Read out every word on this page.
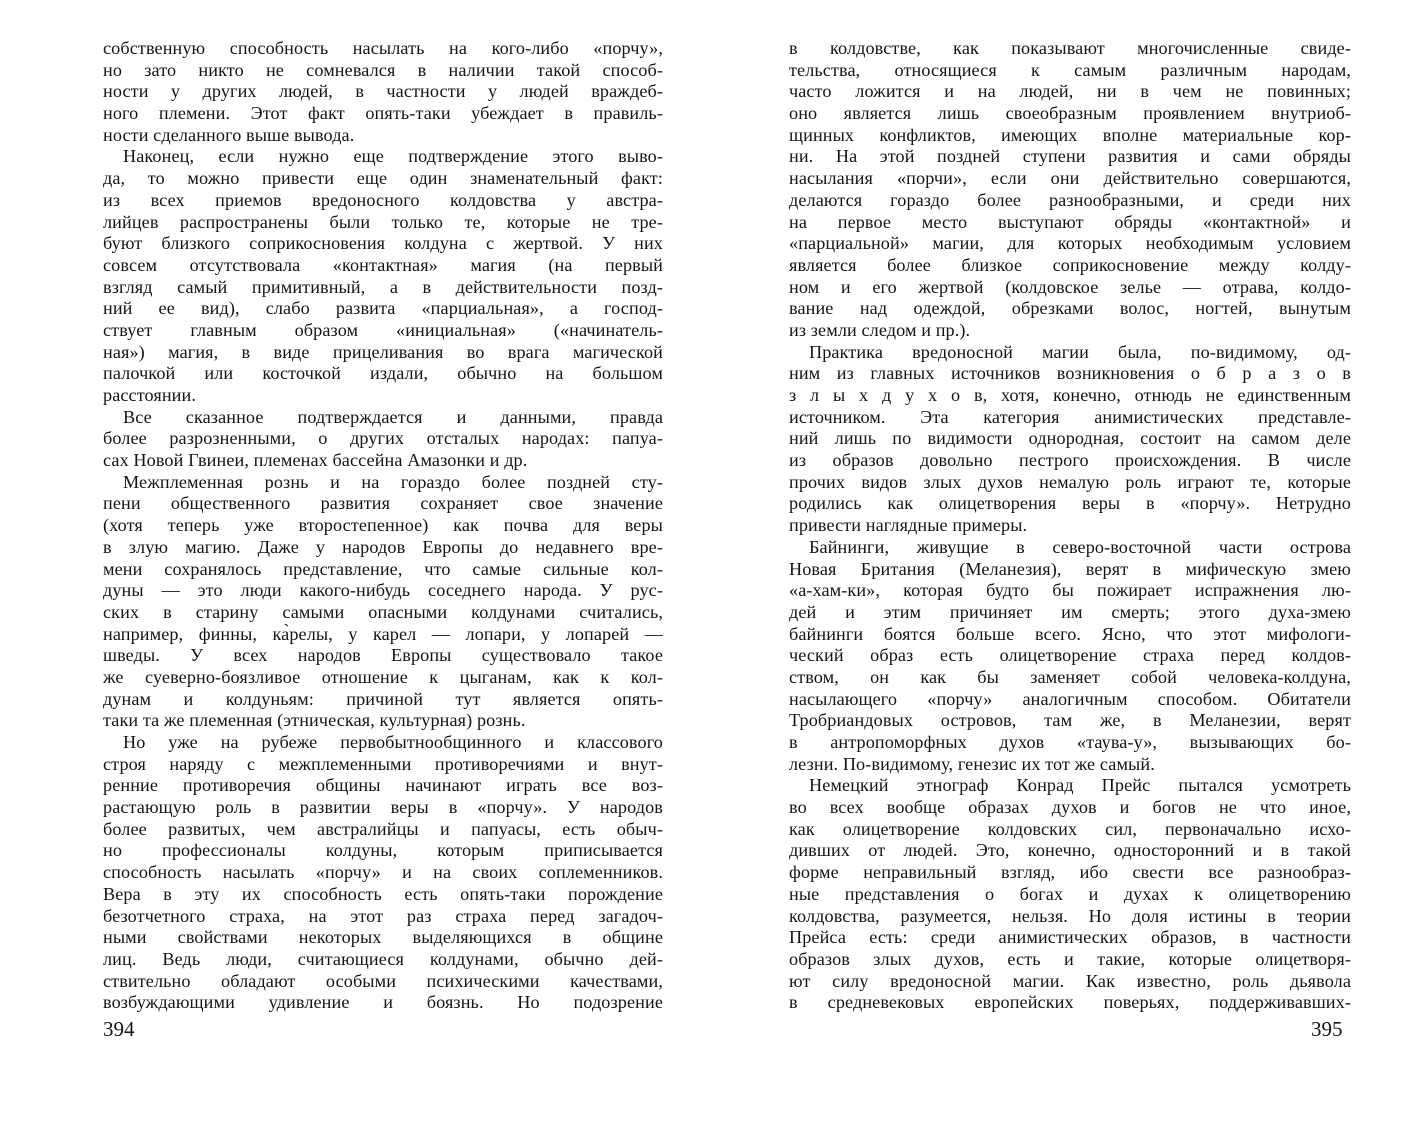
собственную способность насылать на кого-либо «порчу»,
но зато никто не сомневался в наличии такой способ-
ности у других людей, в частности у людей враждеб-
ного племени. Этот факт опять-таки убеждает в правиль-
ности сделанного выше вывода.
Наконец, если нужно еще подтверждение этого выво-
да, то можно привести еще один знаменательный факт:
из всех приемов вредоносного колдовства у австра-
лийцев распространены были только те, которые не тре-
буют близкого соприкосновения колдуна с жертвой. У них
совсем отсутствовала «контактная» магия (на первый
взгляд самый примитивный, а в действительности позд-
ний ее вид), слабо развита «парциальная», а господ-
ствует главным образом «инициальная» («начинатель-
ная») магия, в виде прицеливания во врага магической
палочкой или косточкой издали, обычно на большом
расстоянии.
Все сказанное подтверждается и данными, правда
более разрозненными, о других отсталых народах: папуа-
сах Новой Гвинеи, племенах бассейна Амазонки и др.
Межплеменная рознь и на гораздо более поздней сту-
пени общественного развития сохраняет свое значение
(хотя теперь уже второстепенное) как почва для веры
в злую магию. Даже у народов Европы до недавнего вре-
мени сохранялось представление, что самые сильные кол-
дуны — это люди какого-нибудь соседнего народа. У рус-
ских в старину самыми опасными колдунами считались,
например, финны, ка̀релы, у карел — лопари, у лопарей —
шведы. У всех народов Европы существовало такое
же суеверно-боязливое отношение к цыганам, как к кол-
дунам и колдуньям: причиной тут является опять-
таки та же племенная (этническая, культурная) рознь.
Но уже на рубеже первобытнообщинного и классового
строя наряду с межплеменными противоречиями и внут-
ренние противоречия общины начинают играть все воз-
растающую роль в развитии веры в «порчу». У народов
более развитых, чем австралийцы и папуасы, есть обыч-
но профессионалы колдуны, которым приписывается
способность насылать «порчу» и на своих соплеменников.
Вера в эту их способность есть опять-таки порождение
безотчетного страха, на этот раз страха перед загадоч-
ными свойствами некоторых выделяющихся в общине
лиц. Ведь люди, считающиеся колдунами, обычно дей-
ствительно обладают особыми психическими качествами,
возбуждающими удивление и боязнь. Но подозрение
в колдовстве, как показывают многочисленные свиде-
тельства, относящиеся к самым различным народам,
часто ложится и на людей, ни в чем не повинных;
оно является лишь своеобразным проявлением внутриоб-
щинных конфликтов, имеющих вполне материальные кор-
ни. На этой поздней ступени развития и сами обряды
насылания «порчи», если они действительно совершаются,
делаются гораздо более разнообразными, и среди них
на первое место выступают обряды «контактной» и
«парциальной» магии, для которых необходимым условием
является более близкое соприкосновение между колду-
ном и его жертвой (колдовское зелье — отрава, колдо-
вание над одеждой, обрезками волос, ногтей, вынутым
из земли следом и пр.).
Практика вредоносной магии была, по-видимому, од-
ним из главных источников возникновения о б р а з о в
з л ы х д у х о в, хотя, конечно, отнюдь не единственным
источником. Эта категория анимистических представле-
ний лишь по видимости однородная, состоит на самом деле
из образов довольно пестрого происхождения. В числе
прочих видов злых духов немалую роль играют те, которые
родились как олицетворения веры в «порчу». Нетрудно
привести наглядные примеры.
Байнинги, живущие в северо-восточной части острова
Новая Британия (Меланезия), верят в мифическую змею
«а-хам-ки», которая будто бы пожирает испражнения лю-
дей и этим причиняет им смерть; этого духа-змею
байнинги боятся больше всего. Ясно, что этот мифологи-
ческий образ есть олицетворение страха перед колдов-
ством, он как бы заменяет собой человека-колдуна,
насылающего «порчу» аналогичным способом. Обитатели
Тробриандовых островов, там же, в Меланезии, верят
в антропоморфных духов «таува-у», вызывающих бо-
лезни. По-видимому, генезис их тот же самый.
Немецкий этнограф Конрад Прейс пытался усмотреть
во всех вообще образах духов и богов не что иное,
как олицетворение колдовских сил, первоначально исхо-
дивших от людей. Это, конечно, односторонний и в такой
форме неправильный взгляд, ибо свести все разнообраз-
ные представления о богах и духах к олицетворению
колдовства, разумеется, нельзя. Но доля истины в теории
Прейса есть: среди анимистических образов, в частности
образов злых духов, есть и такие, которые олицетворя-
ют силу вредоносной магии. Как известно, роль дьявола
в средневековых европейских поверьях, поддерживавших-
394	395
